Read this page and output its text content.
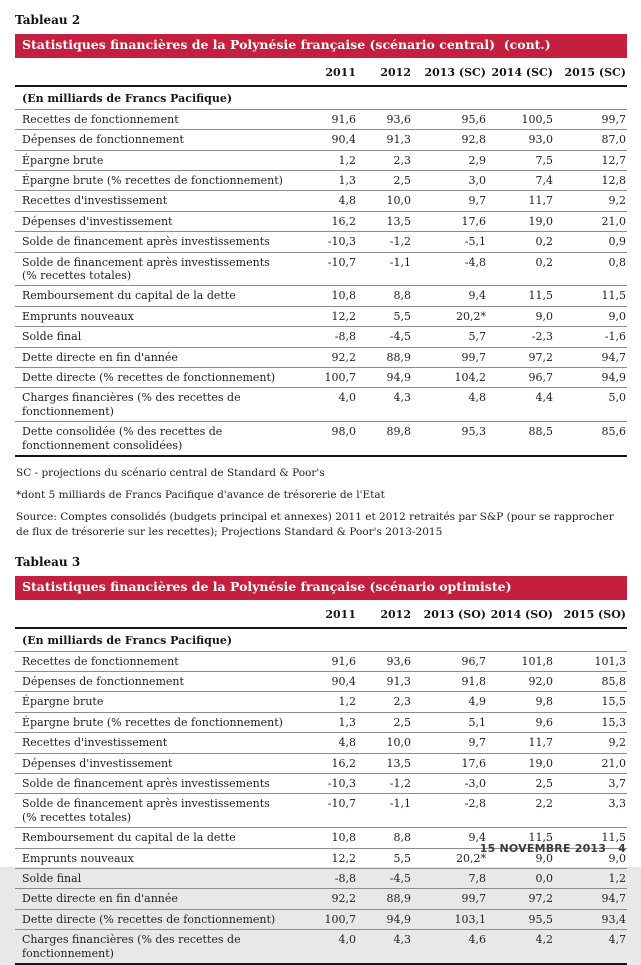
Tableau 2
Statistiques financières de la Polynésie française (scénario central)  (cont.)
	2011	2012	2013 (SC)	2014 (SC)	2015 (SC)
(En milliards de Francs Pacifique)					
Recettes de fonctionnement	91,6	93,6	95,6	100,5	99,7
Dépenses de fonctionnement	90,4	91,3	92,8	93,0	87,0
Épargne brute	1,2	2,3	2,9	7,5	12,7
Épargne brute (% recettes de fonctionnement)	1,3	2,5	3,0	7,4	12,8
Recettes d'investissement	4,8	10,0	9,7	11,7	9,2
Dépenses d'investissement	16,2	13,5	17,6	19,0	21,0
Solde de financement après investissements	-10,3	-1,2	-5,1	0,2	0,9
Solde de financement après investissements (% recettes totales)	-10,7	-1,1	-4,8	0,2	0,8
Remboursement du capital de la dette	10,8	8,8	9,4	11,5	11,5
Emprunts nouveaux	12,2	5,5	20,2*	9,0	9,0
Solde final	-8,8	-4,5	5,7	-2,3	-1,6
Dette directe en fin d'année	92,2	88,9	99,7	97,2	94,7
Dette directe (% recettes de fonctionnement)	100,7	94,9	104,2	96,7	94,9
Charges financières (% des recettes de fonctionnement)	4,0	4,3	4,8	4,4	5,0
Dette consolidée (% des recettes de fonctionnement consolidées)	98,0	89,8	95,3	88,5	85,6

SC - projections du scénario central de Standard & Poor's

*dont 5 milliards de Francs Pacifique d'avance de trésorerie de l'Etat

Source: Comptes consolidés (budgets principal et annexes) 2011 et 2012 retraités par S&P (pour se rapprocher de flux de trésorerie sur les recettes); Projections Standard & Poor's 2013-2015

Tableau 3
Statistiques financières de la Polynésie française (scénario optimiste)
	2011	2012	2013 (SO)	2014 (SO)	2015 (SO)
(En milliards de Francs Pacifique)					
Recettes de fonctionnement	91,6	93,6	96,7	101,8	101,3
Dépenses de fonctionnement	90,4	91,3	91,8	92,0	85,8
Épargne brute	1,2	2,3	4,9	9,8	15,5
Épargne brute (% recettes de fonctionnement)	1,3	2,5	5,1	9,6	15,3
Recettes d'investissement	4,8	10,0	9,7	11,7	9,2
Dépenses d'investissement	16,2	13,5	17,6	19,0	21,0
Solde de financement après investissements	-10,3	-1,2	-3,0	2,5	3,7
Solde de financement après investissements (% recettes totales)	-10,7	-1,1	-2,8	2,2	3,3
Remboursement du capital de la dette	10,8	8,8	9,4	11,5	11,5
Emprunts nouveaux	12,2	5,5	20,2*	9,0	9,0
Solde final	-8,8	-4,5	7,8	0,0	1,2
Dette directe en fin d'année	92,2	88,9	99,7	97,2	94,7
Dette directe (% recettes de fonctionnement)	100,7	94,9	103,1	95,5	93,4
Charges financières (% des recettes de fonctionnement)	4,0	4,3	4,6	4,2	4,7
15 NOVEMBRE 2013 4
